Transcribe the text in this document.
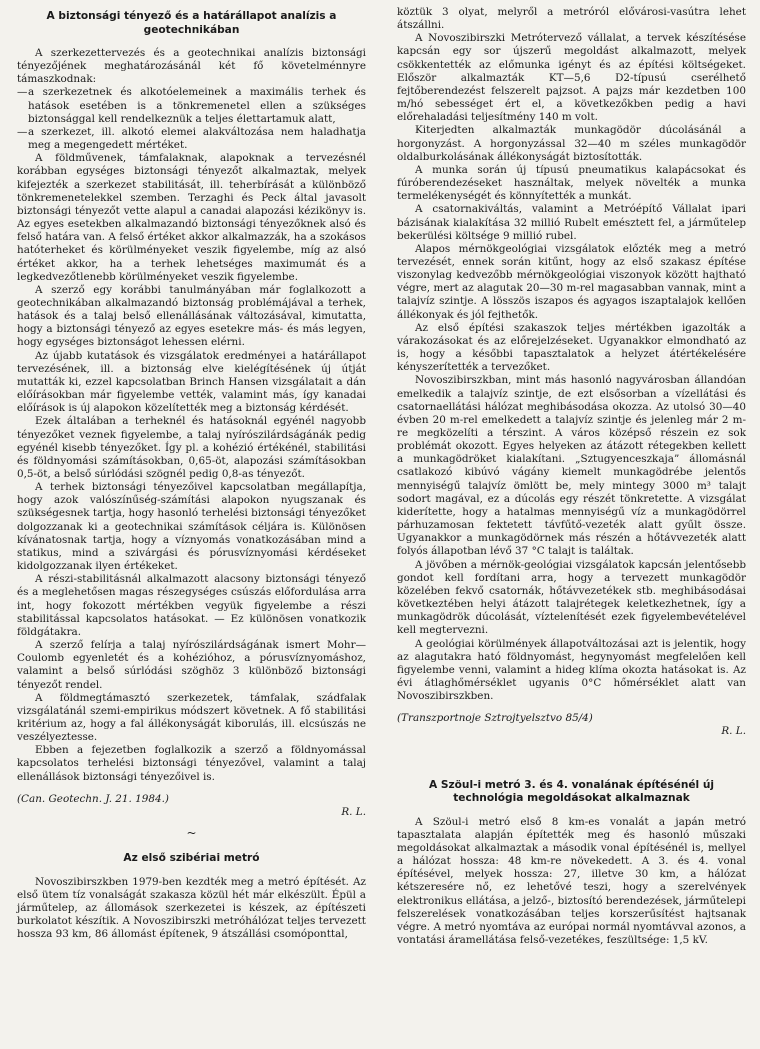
A biztonsági tényező és a határállapot analízis a
geotechnikában

A szerkezettervezés és a geotechnikai analízis biztonsági tényezőjének meghatározásánál két fő követelménnyre támaszkodnak:

—a szerkezetnek és alkotóelemeinek a maximális terhek és hatások esetében is a tönkremenetel ellen a szükséges biztonsággal kell rendelkeznük a teljes élettartamuk alatt,

—a szerkezet, ill. alkotó elemei alakváltozása nem haladhatja meg a megengedett mértéket.

A földművenek, támfalaknak, alapoknak a tervezésnél korábban egységes biztonsági tényezőt alkalmaztak, melyek kifejezték a szerkezet stabilitását, ill. teherbírását a különböző tönkremenetelekkel szemben. Terzaghi és Peck által javasolt biztonsági tényezőt vette alapul a canadai alapozási kézikönyv is. Az egyes esetekben alkalmazandó biztonsági tényezőknek alsó és felső határa van. A felső értéket akkor alkalmazzák, ha a szokásos hatóterheket és körülményeket veszik figyelembe, míg az alsó értéket akkor, ha a terhek lehetséges maximumát és a legkedvezőtlenebb körülményeket veszik figyelembe.

A szerző egy korábbi tanulmányában már foglalkozott a geotechnikában alkalmazandó biztonság problémájával a terhek, hatások és a talaj belső ellenállásának változásával, kimutatta, hogy a biztonsági tényező az egyes esetekre más- és más legyen, hogy egységes biztonságot lehessen elérni.

Az újabb kutatások és vizsgálatok eredményei a határállapot tervezésének, ill. a biztonság elve kielégítésének új útját mutatták ki, ezzel kapcsolatban Brinch Hansen vizsgálatait a dán előírásokban már figyelembe vették, valamint más, így kanadai előírások is új alapokon közelítették meg a biztonság kérdését.

Ezek általában a terheknél és hatásoknál egyénél nagyobb tényezőket veznek figyelembe, a talaj nyírószilárdságánák pedig egyénél kisebb tényezőket. Így pl. a kohézió értékénél, stabilitási és földnyomási számításokban, 0,65-öt, alapozási számításokban 0,5-öt, a belső súrlódási szögnél pedig 0,8-as tényezőt.

A terhek biztonsági tényezőivel kapcsolatban megállapítja, hogy azok valószínűség-számítási alapokon nyugszanak és szükségesnek tartja, hogy hasonló terhelési biztonsági tényezőket dolgozzanak ki a geotechnikai számítások céljára is. Különösen kívánatosnak tartja, hogy a víznyomás vonatkozásában mind a statikus, mind a szivárgási és pórusvíznyomási kérdéseket kidolgozzanak ilyen értékeket.

A részi-stabilitásnál alkalmazott alacsony biztonsági tényező és a meglehetősen magas részegységes csúszás előfordulása arra int, hogy fokozott mértékben vegyük figyelembe a részi stabilitással kapcsolatos hatásokat. — Ez különösen vonatkozik földgátakra.

A szerző felírja a talaj nyírószilárdságának ismert Mohr—Coulomb egyenletét és a kohézióhoz, a pórusvíznyomáshoz, valamint a belső súrlódási szöghöz 3 különböző biztonsági tényezőt rendel.

A földmegtámasztó szerkezetek, támfalak, szádfalak vizsgálatánál szemi-empirikus módszert követnek. A fő stabilitási kritérium az, hogy a fal állékonyságát kiborulás, ill. elcsúszás ne veszélyeztesse.

Ebben a fejezetben foglalkozik a szerző a földnyomással kapcsolatos terhelési biztonsági tényezővel, valamint a talaj ellenállások biztonsági tényezőivel is.

(Can. Geotechn. J. 21. 1984.)

R. L.

~
Az első szibériai metró

Novoszibirszkben 1979-ben kezdték meg a metró építését. Az első ütem tíz vonalságát szakasza közül hét már elkészült. Épül a járműtelep, az állomások szerkezetei is készek, az építészeti burkolatot készítik. A Novoszibirszki metróhálózat teljes tervezett hossza 93 km, 86 állomást építenek, 9 átszállási csomóponttal,

köztük 3 olyat, melyről a metróról elővárosi-vasútra lehet átszállni.

A Novoszibirszki Metrótervező vállalat, a tervek készítésése kapcsán egy sor újszerű megoldást alkalmazott, melyek csökkentették az előmunka igényt és az építési költségeket. Először alkalmazták KT—5,6 D2-típusú cserélhető fejtőberendezést felszerelt pajzsot. A pajzs már kezdetben 100 m/hó sebességet ért el, a következőkben pedig a havi előrehaladási teljesítmény 140 m volt.

Kiterjedten alkalmazták munkagödör dúcolásánál a horgonyzást. A horgonyzással 32—40 m széles munkagödör oldalburkolásának állékonyságát biztosították.

A munka során új típusú pneumatikus kalapácsokat és fúróberendezéseket használtak, melyek növelték a munka termelékenységét és könnyítették a munkát.

A csatornakiváltás, valamint a Metróépítő Vállalat ipari bázisának kialakítása 32 millió Rubelt emésztett fel, a járműtelep bekerülési költsége 9 millió rubel.

Alapos mérnökgeológiai vizsgálatok előzték meg a metró tervezését, ennek során kitűnt, hogy az első szakasz építése viszonylag kedvezőbb mérnökgeológiai viszonyok között hajtható végre, mert az alagutak 20—30 m-rel magasabban vannak, mint a talajvíz szintje. A lösszös iszapos és agyagos iszaptalajok kellően állékonyak és jól fejthetők.

Az első építési szakaszok teljes mértékben igazolták a várakozásokat és az előrejelzéseket. Ugyanakkor elmondható az is, hogy a későbbi tapasztalatok a helyzet átértékelésére kényszerítették a tervezőket.

Novoszibirszkban, mint más hasonló nagyvárosban állandóan emelkedik a talajvíz szintje, de ezt elsősorban a vízellátási és csatornaellátási hálózat meghibásodása okozza. Az utolsó 30—40 évben 20 m-rel emelkedett a talajvíz szintje és jelenleg már 2 m-re megközelíti a térszint. A város középső részein ez sok problémát okozott. Egyes helyeken az átázott rétegekben kellett a munkagödröket kialakítani. „Sztugyenceszkaja” állomásnál csatlakozó kibúvó vágány kiemelt munkagödrébe jelentős mennyiségű talajvíz ömlött be, mely mintegy 3000 m³ talajt sodort magával, ez a dúcolás egy részét tönkretette. A vizsgálat kiderítette, hogy a hatalmas mennyiségű víz a munkagödörrel párhuzamosan fektetett távfűtő-vezeték alatt gyűlt össze. Ugyanakkor a munkagödörnek más részén a hőtávvezeték alatt folyós állapotban lévő 37 °C talajt is találtak.

A jövőben a mérnök-geológiai vizsgálatok kapcsán jelentősebb gondot kell fordítani arra, hogy a tervezett munkagödör közelében fekvő csatornák, hőtávvezetékek stb. meghibásodásai következtében helyi átázott talajrétegek keletkezhetnek, így a munkagödrök dúcolását, víztelenítését ezek figyelembevételével kell megtervezni.

A geológiai körülmények állapotváltozásai azt is jelentik, hogy az alagutakra ható földnyomást, hegynyomást megfelelően kell figyelembe venni, valamint a hideg klíma okozta hatásokat is. Az évi átlaghőmérséklet ugyanis 0°C hőmérséklet alatt van Novoszibirszkben.

(Transzportnoje Sztrojtyelsztvo 85/4)

R. L.

A Szöul-i metró 3. és 4. vonalának építésénél új
technológia megoldásokat alkalmaznak

A Szöul-i metró első 8 km-es vonalát a japán metró tapasztalata alapján építették meg és hasonló műszaki megoldásokat alkalmaztak a második vonal építésénél is, mellyel a hálózat hossza: 48 km-re növekedett. A 3. és 4. vonal építésével, melyek hossza: 27, illetve 30 km, a hálózat kétszeresére nő, ez lehetővé teszi, hogy a szerelvények elektronikus ellátása, a jelző-, biztosító berendezések, járműtelepi felszerelések vonatkozásában teljes korszerűsítést hajtsanak végre. A metró nyomtáva az európai normál nyomtávval azonos, a vontatási áramellátása felső-vezetékes, feszültsége: 1,5 kV.
